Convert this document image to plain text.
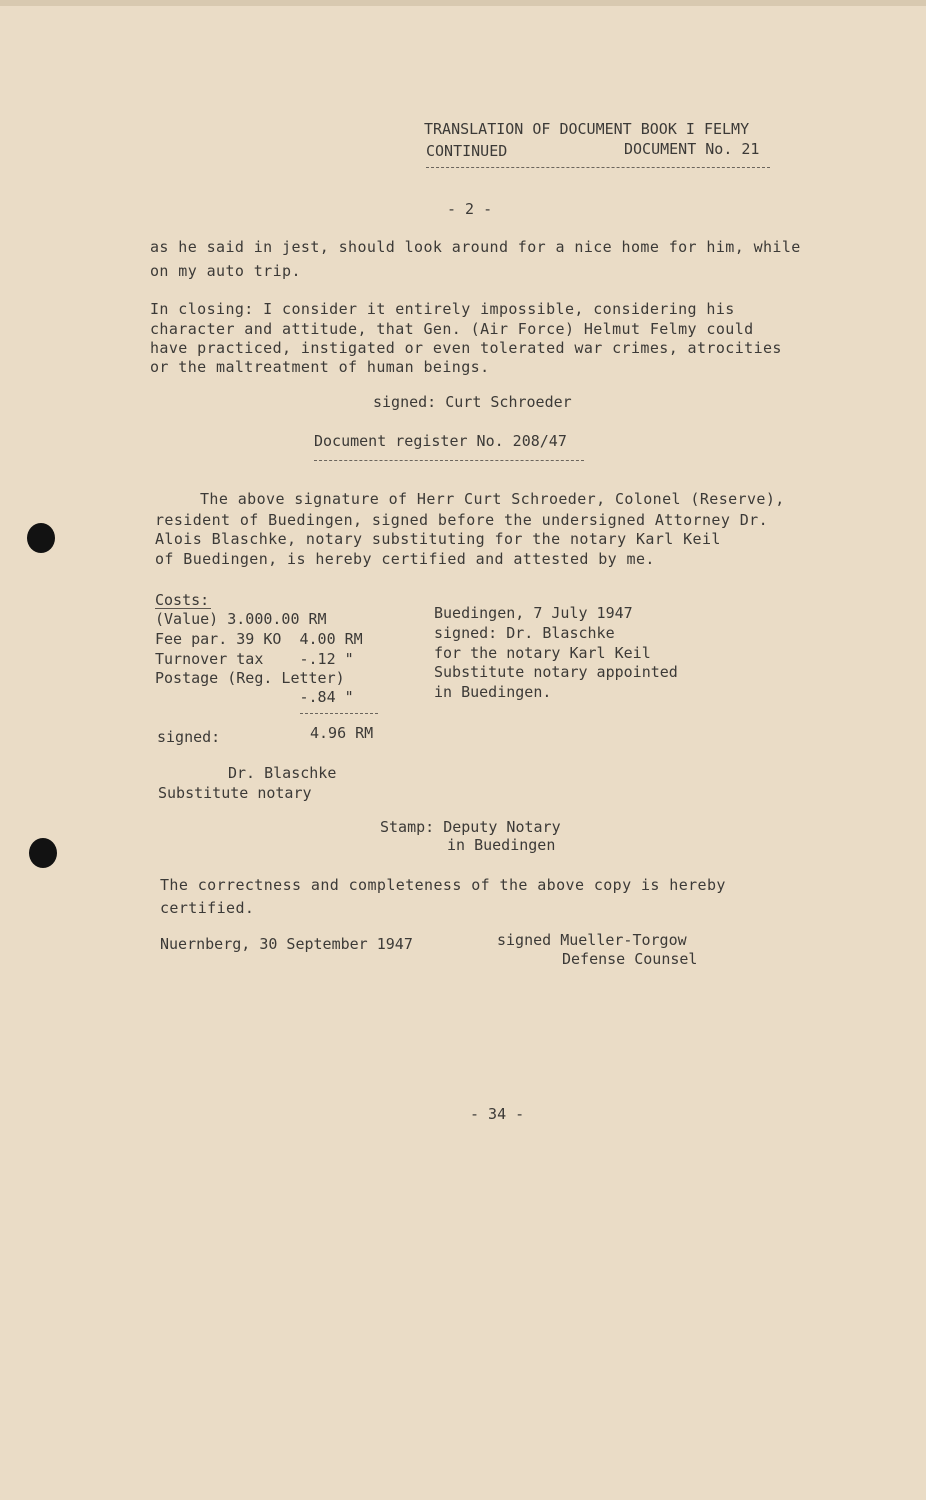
TRANSLATION OF DOCUMENT BOOK I FELMY
CONTINUED	DOCUMENT No. 21
- 2 -
as he said in jest, should look around for a nice home for him, while
on my auto trip.
In closing: I consider it entirely impossible, considering his
character and attitude, that Gen. (Air Force) Helmut Felmy could
have practiced, instigated or even tolerated war crimes, atrocities
or the maltreatment of human beings.
signed: Curt Schroeder
Document register No. 208/47
The above signature of Herr Curt Schroeder, Colonel (Reserve),
resident of Buedingen, signed before the undersigned Attorney Dr.
Alois Blaschke, notary substituting for the notary Karl Keil
of Buedingen, is hereby certified and attested by me.
Costs:
(Value) 3.000.00 RM
Fee par. 39 KO  4.00 RM
Turnover tax    -.12 "
Postage (Reg. Letter)
-.84 "
signed:	4.96 RM
Dr. Blaschke
Substitute notary
Buedingen, 7 July 1947
signed: Dr. Blaschke
for the notary Karl Keil
Substitute notary appointed
in Buedingen.
Stamp: Deputy Notary
in Buedingen
The correctness and completeness of the above copy is hereby
certified.
Nuernberg, 30 September 1947	signed Mueller-Torgow
Defense Counsel
- 34 -
